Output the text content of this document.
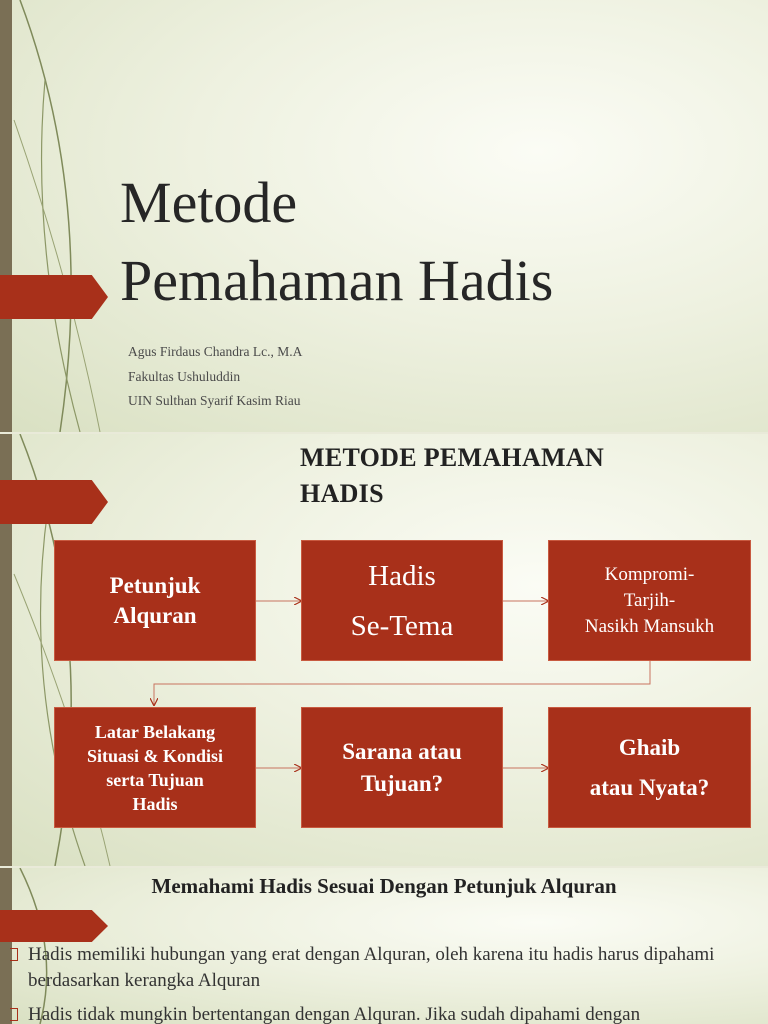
Metode
Pemahaman Hadis
Agus Firdaus Chandra Lc., M.A
Fakultas Ushuluddin
UIN Sulthan Syarif Kasim Riau
METODE PEMAHAMAN
HADIS
Petunjuk
Alquran
Hadis
Se-Tema
Kompromi-
Tarjih-
Nasikh Mansukh
Latar Belakang
Situasi & Kondisi
serta Tujuan
Hadis
Sarana atau
Tujuan?
Ghaib
atau Nyata?
Memahami Hadis Sesuai Dengan Petunjuk Alquran
Hadis memiliki hubungan yang erat dengan Alquran, oleh karena itu hadis harus dipahami berdasarkan kerangka Alquran
Hadis tidak mungkin bertentangan dengan Alquran. Jika sudah dipahami dengan
